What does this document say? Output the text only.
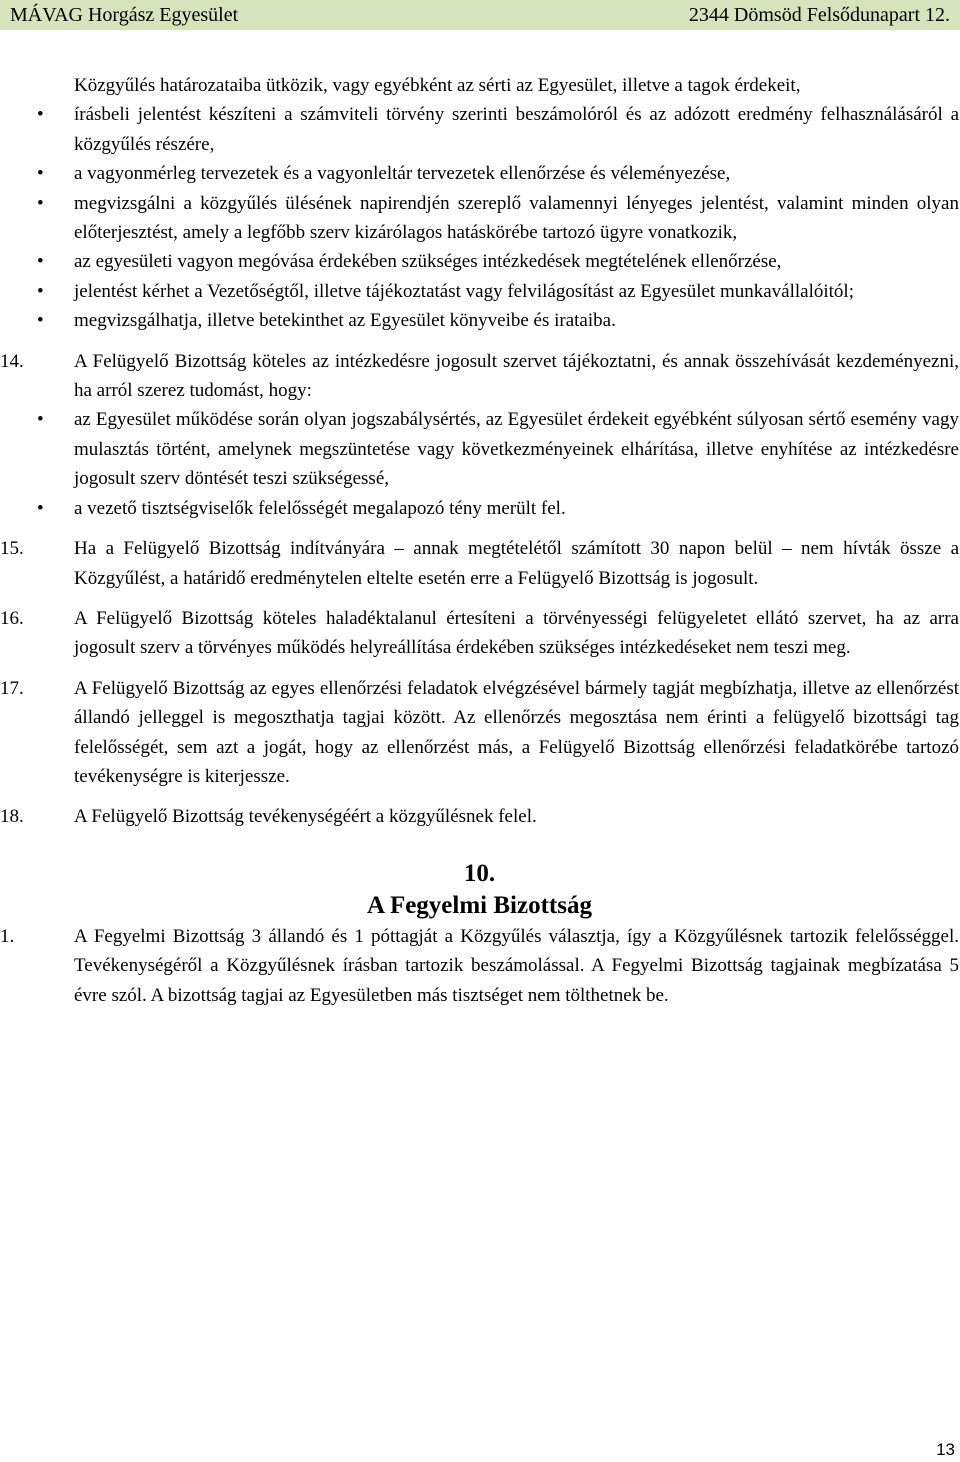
MÁVAG Horgász Egyesület	2344 Dömsöd Felsődunapart 12.
Közgyűlés határozataiba ütközik, vagy egyébként az sérti az Egyesület, illetve a tagok érdekeit,
• írásbeli jelentést készíteni a számviteli törvény szerinti beszámolóról és az adózott eredmény felhasználásáról a közgyűlés részére,
• a vagyonmérleg tervezetek és a vagyonleltár tervezetek ellenőrzése és véleményezése,
• megvizsgálni a közgyűlés ülésének napirendjén szereplő valamennyi lényeges jelentést, valamint minden olyan előterjesztést, amely a legfőbb szerv kizárólagos hatáskörébe tartozó ügyre vonatkozik,
• az egyesületi vagyon megóvása érdekében szükséges intézkedések megtételének ellenőrzése,
• jelentést kérhet a Vezetőségtől, illetve tájékoztatást vagy felvilágosítást az Egyesület munkavállalóitól;
• megvizsgálhatja, illetve betekinthet az Egyesület könyveibe és irataiba.
14.	A Felügyelő Bizottság köteles az intézkedésre jogosult szervet tájékoztatni, és annak összehívását kezdeményezni, ha arról szerez tudomást, hogy:
• az Egyesület működése során olyan jogszabálysértés, az Egyesület érdekeit egyébként súlyosan sértő esemény vagy mulasztás történt, amelynek megszüntetése vagy következményeinek elhárítása, illetve enyhítése az intézkedésre jogosult szerv döntését teszi szükségessé,
• a vezető tisztségviselők felelősségét megalapozó tény merült fel.
15.	Ha a Felügyelő Bizottság indítványára – annak megtételétől számított 30 napon belül – nem hívták össze a Közgyűlést, a határidő eredménytelen eltelte esetén erre a Felügyelő Bizottság is jogosult.
16.	A Felügyelő Bizottság köteles haladéktalanul értesíteni a törvényességi felügyeletet ellátó szervet, ha az arra jogosult szerv a törvényes működés helyreállítása érdekében szükséges intézkedéseket nem teszi meg.
17.	A Felügyelő Bizottság az egyes ellenőrzési feladatok elvégzésével bármely tagját megbízhatja, illetve az ellenőrzést állandó jelleggel is megoszthatja tagjai között. Az ellenőrzés megosztása nem érinti a felügyelő bizottsági tag felelősségét, sem azt a jogát, hogy az ellenőrzést más, a Felügyelő Bizottság ellenőrzési feladatkörébe tartozó tevékenységre is kiterjessze.
18.	A Felügyelő Bizottság tevékenységéért a közgyűlésnek felel.
10.
A Fegyelmi Bizottság
1.	A Fegyelmi Bizottság 3 állandó és 1 póttagját a Közgyűlés választja, így a Közgyűlésnek tartozik felelősséggel. Tevékenységéről a Közgyűlésnek írásban tartozik beszámolással. A Fegyelmi Bizottság tagjainak megbízatása 5 évre szól. A bizottság tagjai az Egyesületben más tisztséget nem tölthetnek be.
13
